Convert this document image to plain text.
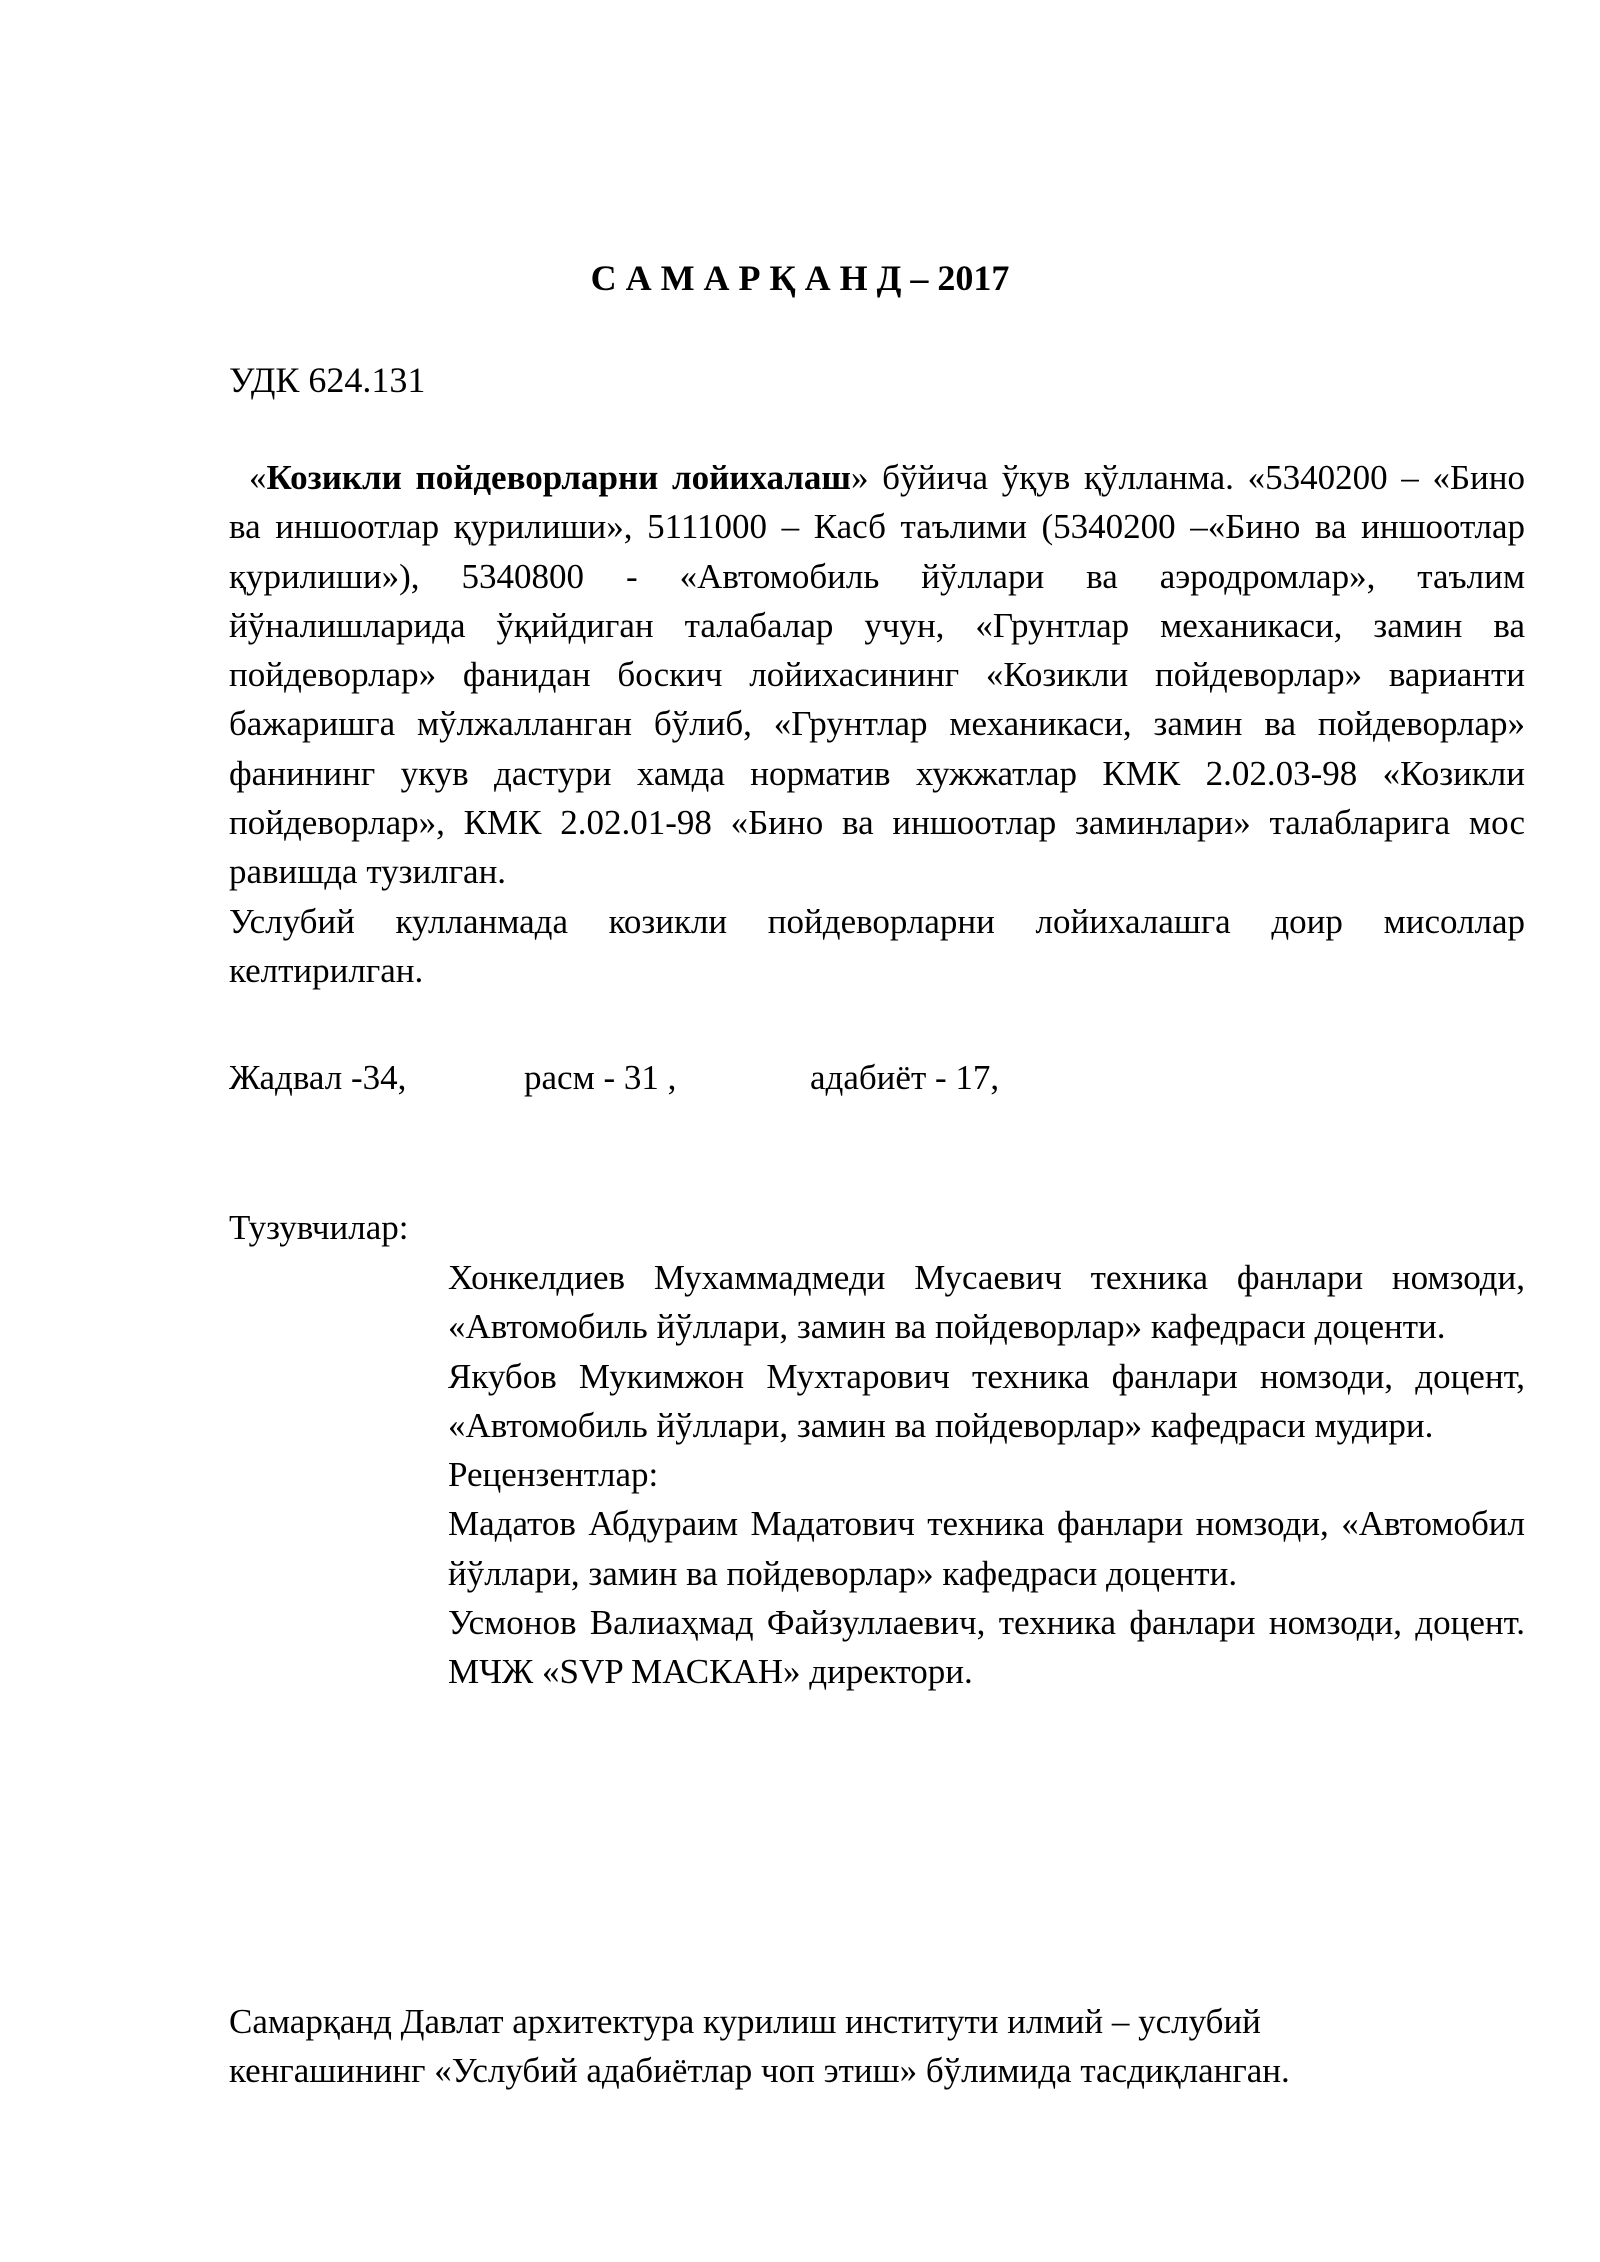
С А М А Р Қ А Н Д – 2017
УДК 624.131

«Козикли пойдеворларни лойихалаш» бўйича ўқув қўлланма. «5340200 – «Бино ва иншоотлар қурилиши», 5111000 – Касб таълими (5340200 –«Бино ва иншоотлар қурилиши»), 5340800 - «Автомобиль йўллари ва аэродромлар», таълим йўналишларида ўқийдиган талабалар учун, «Грунтлар механикаси, замин ва пойдеворлар» фанидан боскич лойихасининг «Козикли пойдеворлар» варианти бажаришга мўлжалланган бўлиб, «Грунтлар механикаси, замин ва пойдеворлар» фанининг укув дастури хамда норматив хужжатлар КМК 2.02.03-98 «Козикли пойдеворлар», КМК 2.02.01-98 «Бино ва иншоотлар заминлари» талабларига мос равишда тузилган.

Услубий кулланмада козикли пойдеворларни лойихалашга доир мисоллар келтирилган.

Жадвал -34,	расм - 31 ,	адабиёт - 17,
Тузувчилар:

Хонкелдиев Мухаммадмеди Мусаевич техника фанлари номзоди, «Автомобиль йўллари, замин ва пойдеворлар» кафедраси доценти.

Якубов Мукимжон Мухтарович техника фанлари номзоди, доцент, «Автомобиль йўллари, замин ва пойдеворлар» кафедраси мудири.

Рецензентлар:

Мадатов Абдураим Мадатович техника фанлари номзоди, «Автомобил йўллари, замин ва пойдеворлар» кафедраси доценти.

Усмонов Валиаҳмад Файзуллаевич, техника фанлари номзоди, доцент. МЧЖ «SVP МАСКАН» директори.

Самарқанд Давлат архитектура курилиш институти илмий – услубий

кенгашининг «Услубий адабиётлар чоп этиш» бўлимида тасдиқланган.
